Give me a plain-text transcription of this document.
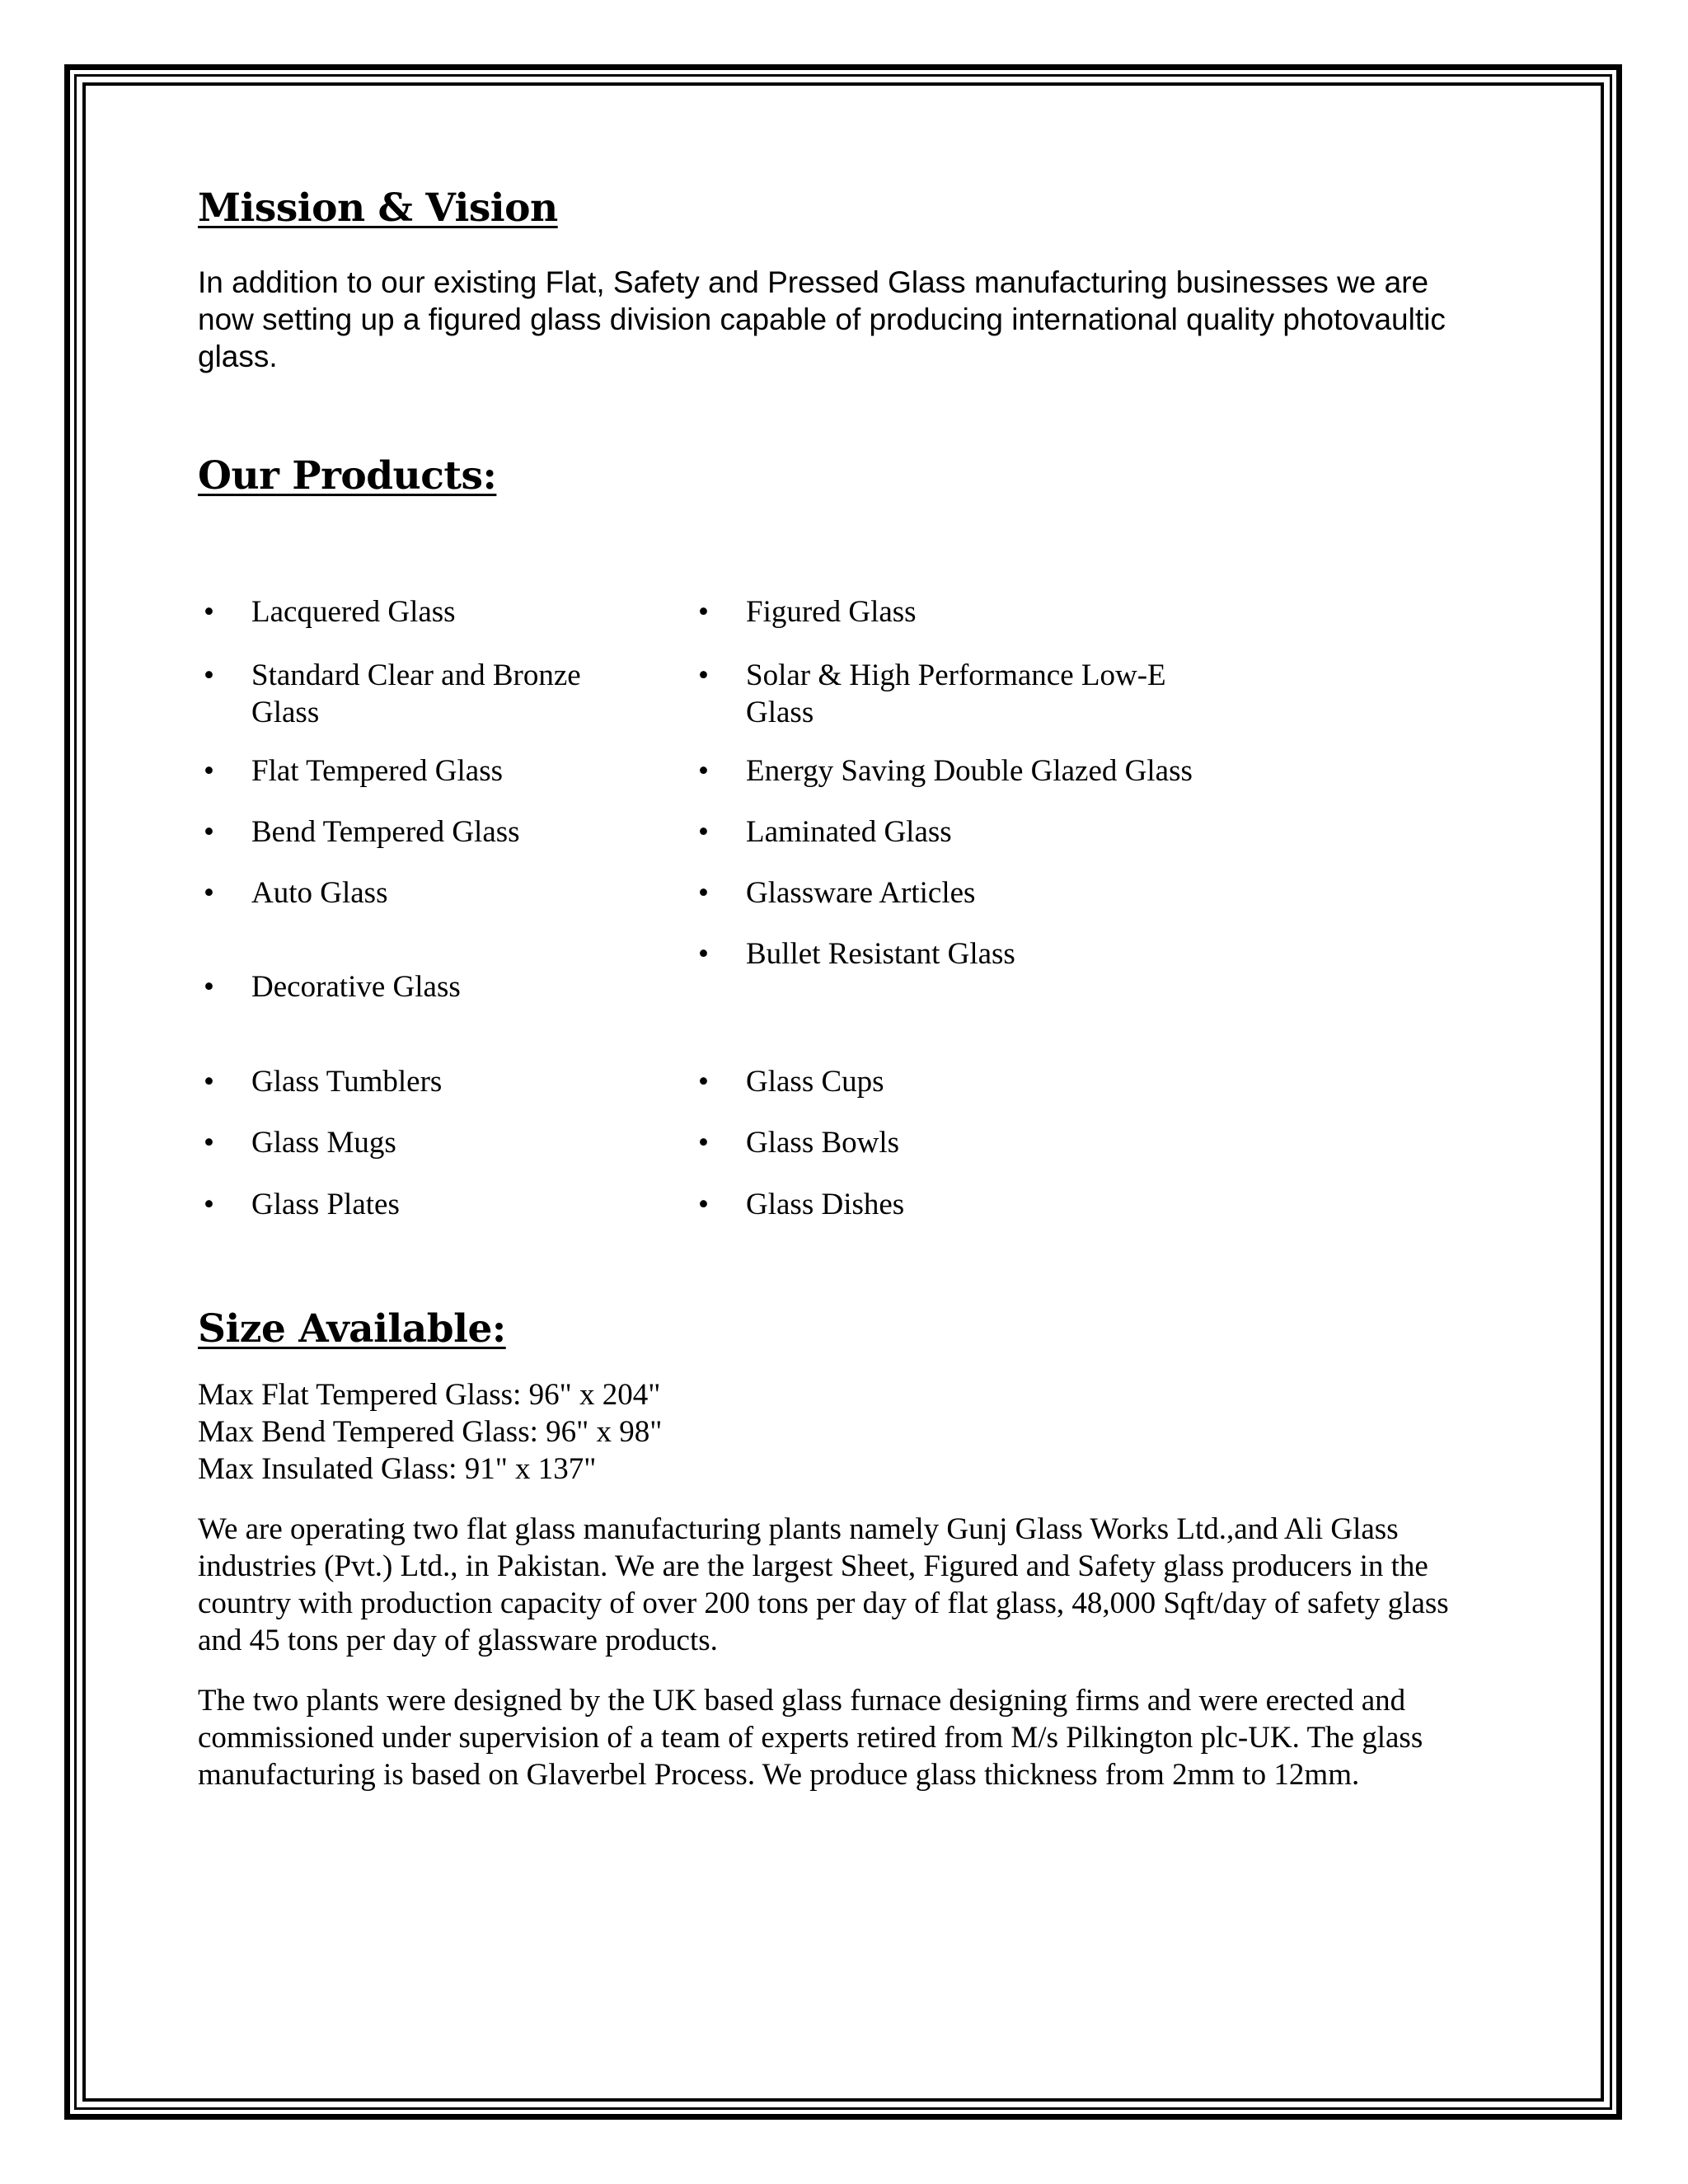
Mission & Vision

In addition to our existing Flat, Safety and Pressed Glass manufacturing businesses we are now setting up a figured glass division capable of producing international quality photovaultic glass.

Our Products:
• Lacquered Glass
• Standard Clear and Bronze Glass
• Flat Tempered Glass
• Bend Tempered Glass
• Auto Glass
• Decorative Glass
• Glass Tumblers
• Glass Mugs
• Glass Plates
• Figured Glass
• Solar & High Performance Low-E Glass
• Energy Saving Double Glazed Glass
• Laminated Glass
• Glassware Articles
• Bullet Resistant Glass
• Glass Cups
• Glass Bowls
• Glass Dishes
Size Available:
Max Flat Tempered Glass: 96" x 204"
Max Bend Tempered Glass: 96" x 98"
Max Insulated Glass: 91" x 137"

We are operating two flat glass manufacturing plants namely Gunj Glass Works Ltd.,and Ali Glass industries (Pvt.) Ltd., in Pakistan. We are the largest Sheet, Figured and Safety glass producers in the country with production capacity of over 200 tons per day of flat glass, 48,000 Sqft/day of safety glass and 45 tons per day of glassware products.

The two plants were designed by the UK based glass furnace designing firms and were erected and commissioned under supervision of a team of experts retired from M/s Pilkington plc-UK. The glass manufacturing is based on Glaverbel Process. We produce glass thickness from 2mm to 12mm.
